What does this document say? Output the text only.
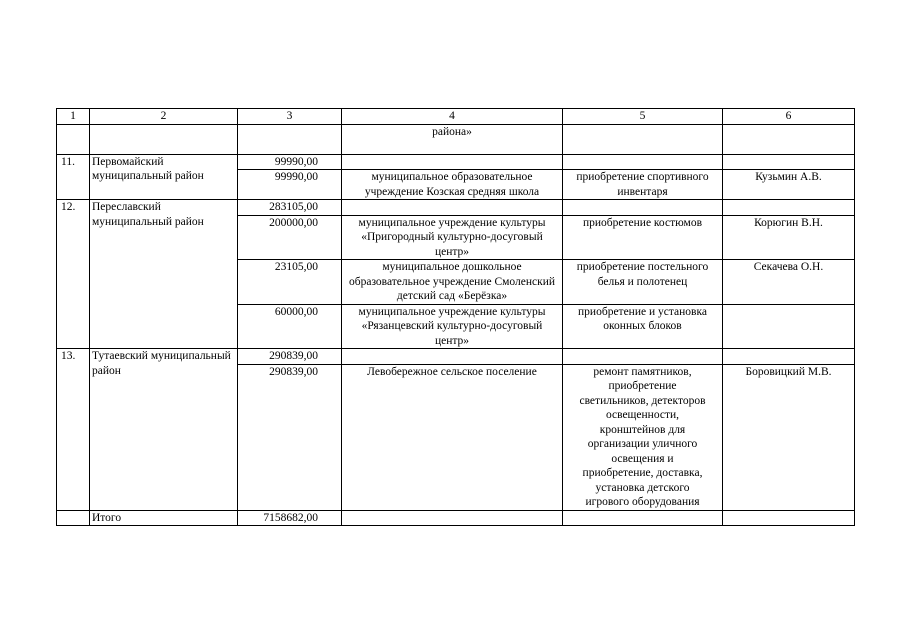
1	2	3	4	5	6
			района»		
11.	Первомайский муниципальный район	99990,00			
		99990,00	муниципальное образовательное учреждение Козская средняя школа	приобретение спортивного инвентаря	Кузьмин А.В.
12.	Переславский муниципальный район	283105,00			
		200000,00	муниципальное учреждение культуры «Пригородный культурно-досуговый центр»	приобретение костюмов	Корюгин В.Н.
		23105,00	муниципальное дошкольное образовательное учреждение Смоленский детский сад «Берёзка»	приобретение постельного белья и полотенец	Секачева О.Н.
		60000,00	муниципальное учреждение культуры «Рязанцевский культурно-досуговый центр»	приобретение и установка оконных блоков	

13.	Тутаевский муниципальный район	290839,00			
		290839,00	Левобережное сельское поселение	ремонт памятников, приобретение светильников, детекторов освещенности, кронштейнов для организации уличного освещения и приобретение, доставка, установка детского игрового оборудования	Боровицкий М.В.
	Итого	7158682,00			
